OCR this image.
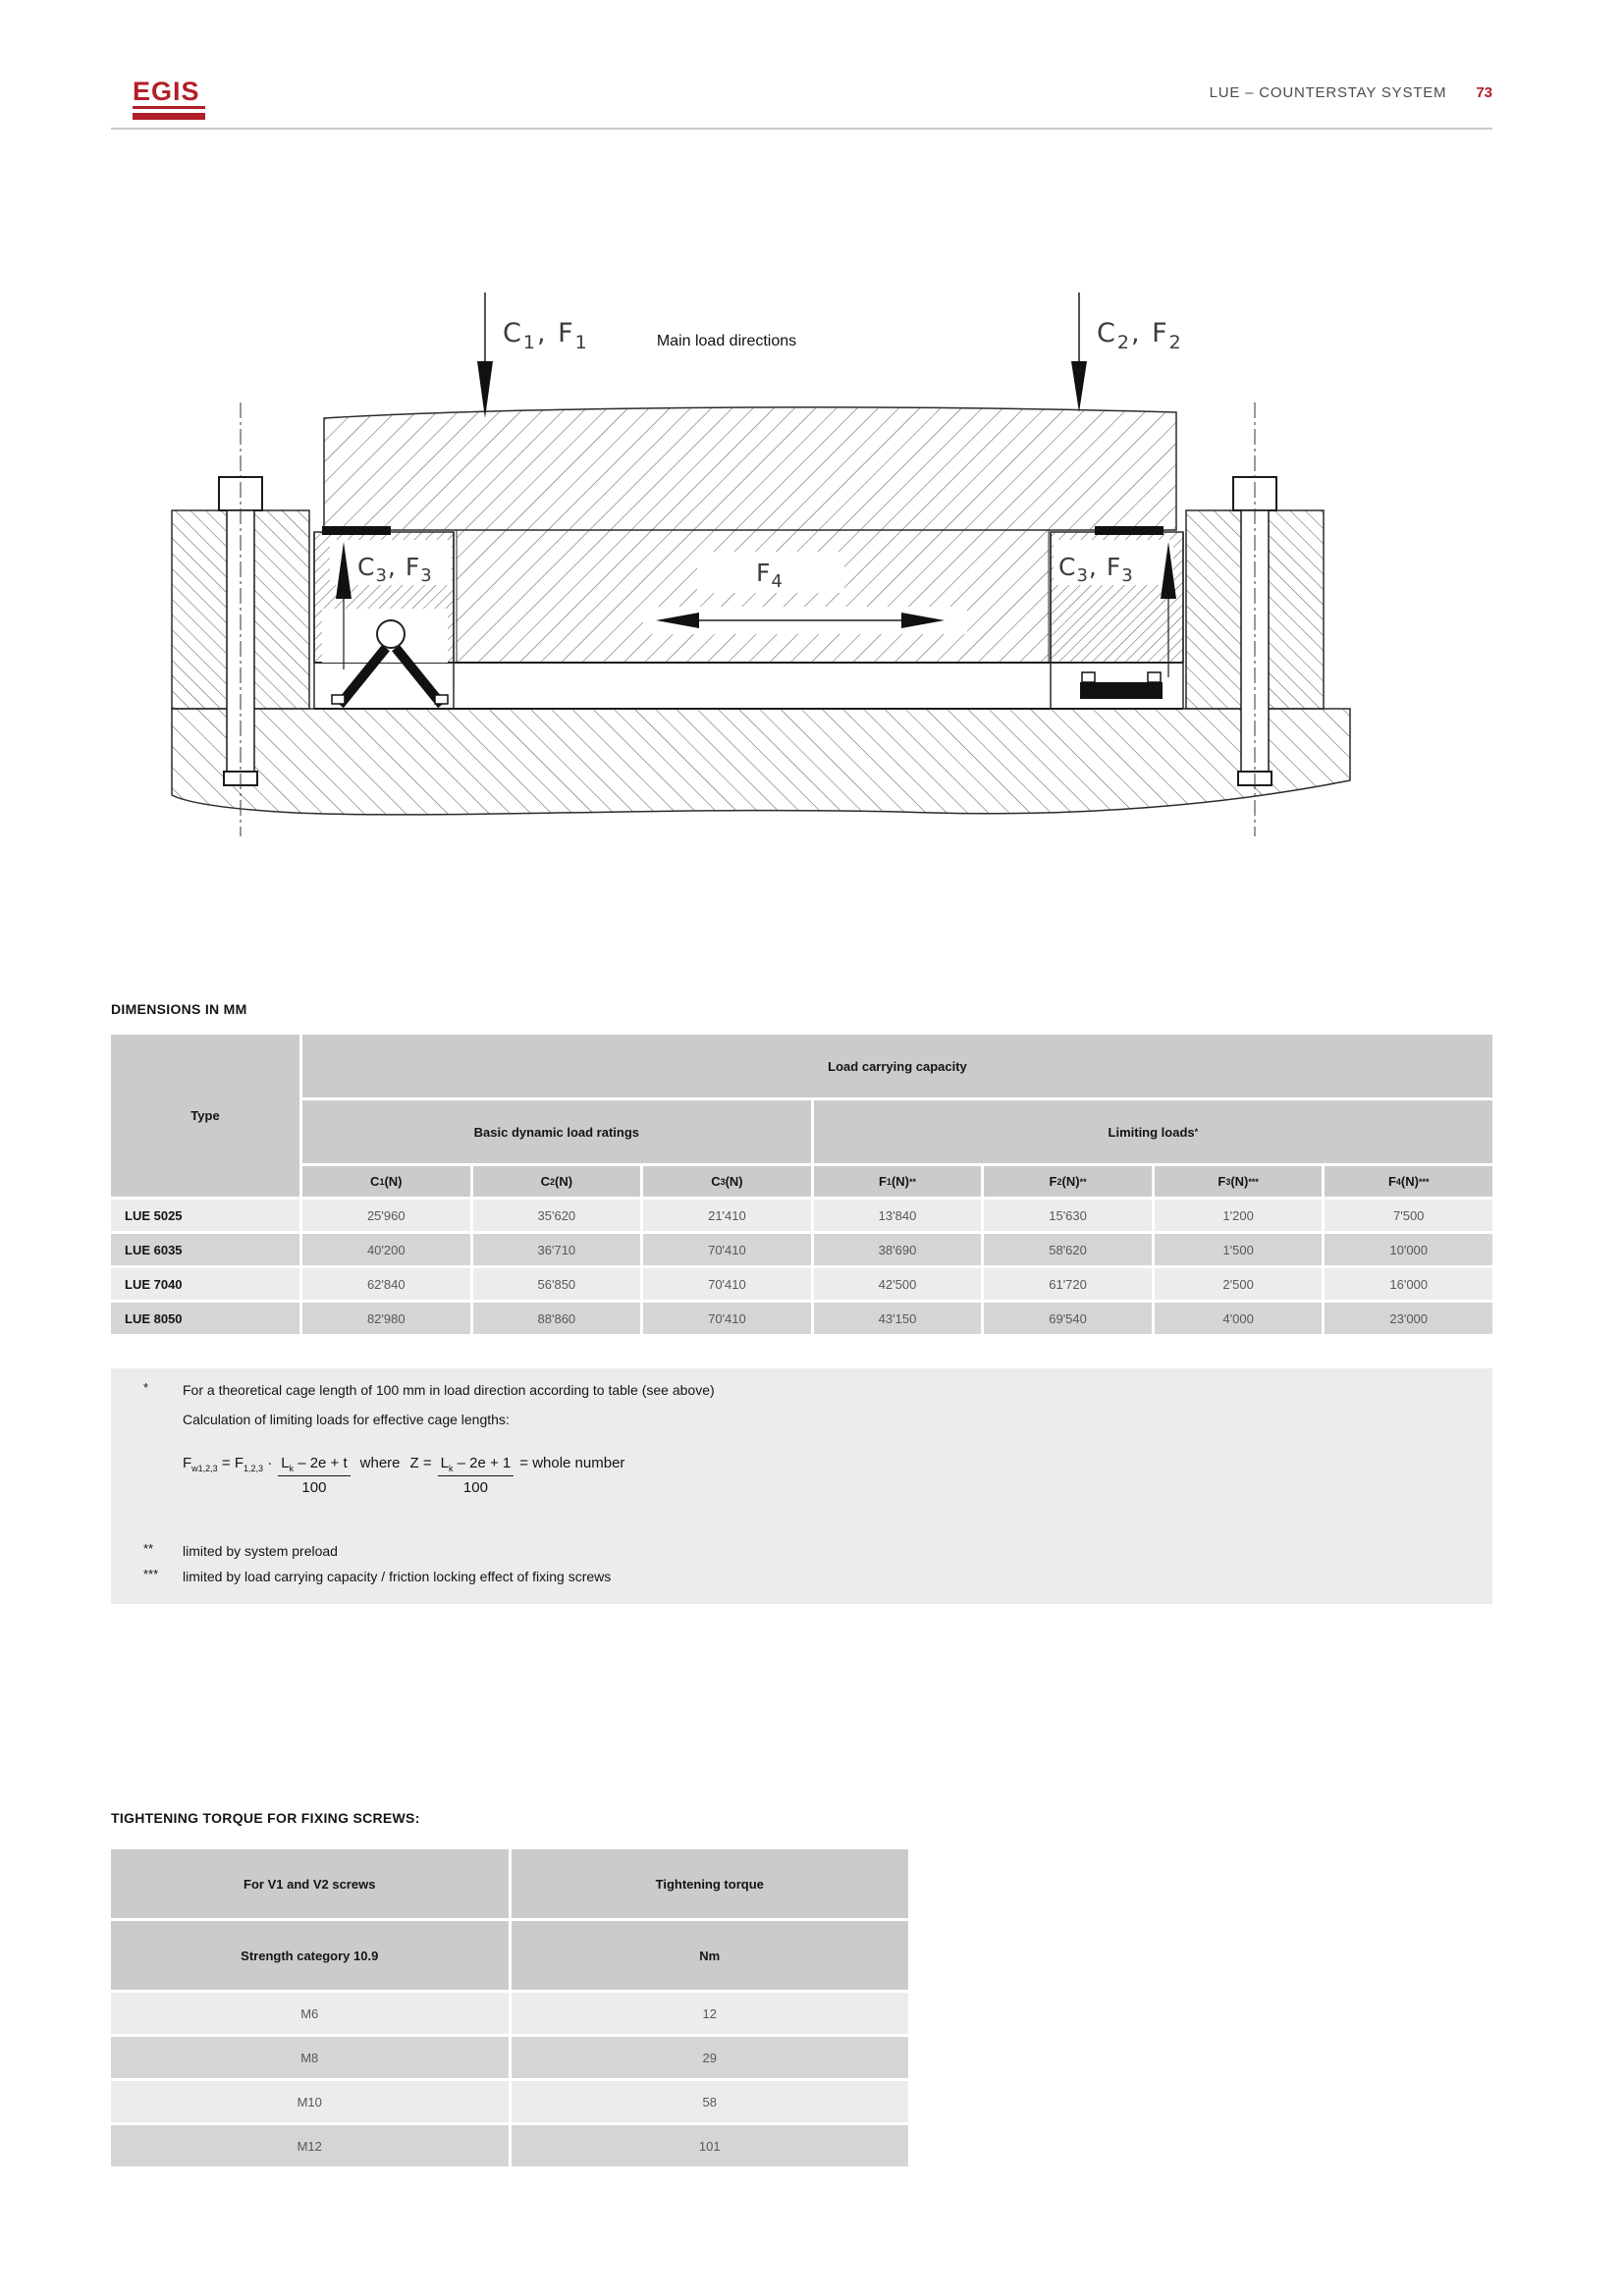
EGIS	LUE – COUNTERSTAY SYSTEM 73
Main load directions
$C_1$, $F_1$	$C_2$, $F_2$
$C_3$, $F_3$	$C_3$, $F_3$
$F_4$
DIMENSIONS IN MM
Type
Load carrying capacity
Basic dynamic load ratings	Limiting loads *
C 1 (N)	C 2 (N)	C 3 (N)	F 1 (N) **	F 2 (N) **	F 3 (N) ***	F 4 (N) ***
LUE 5025	25'960	35'620	21'410	13'840	15'630	1'200	7'500
LUE 6035	40'200	36'710	70'410	38'690	58'620	1'500	10'000
LUE 7040	62'840	56'850	70'410	42'500	61'720	2'500	16'000
LUE 8050	82'980	88'860	70'410	43'150	69'540	4'000	23'000
* For a theoretical cage length of 100 mm in load direction according to table (see above)
Calculation of limiting loads for effective cage lengths:
$F_{w1,2,3} = F_{1,2,3} \cdot \frac{L_k - 2e + t}{100}$ where $Z = \frac{L_k - 2e + 1}{100}$ = whole number
** limited by system preload
*** limited by load carrying capacity / friction locking effect of fixing screws
TIGHTENING TORQUE FOR FIXING SCREWS:
For V1 and V2 screws	Tightening torque
Strength category 10.9	Nm
M6	12
M8	29
M10	58
M12	101
